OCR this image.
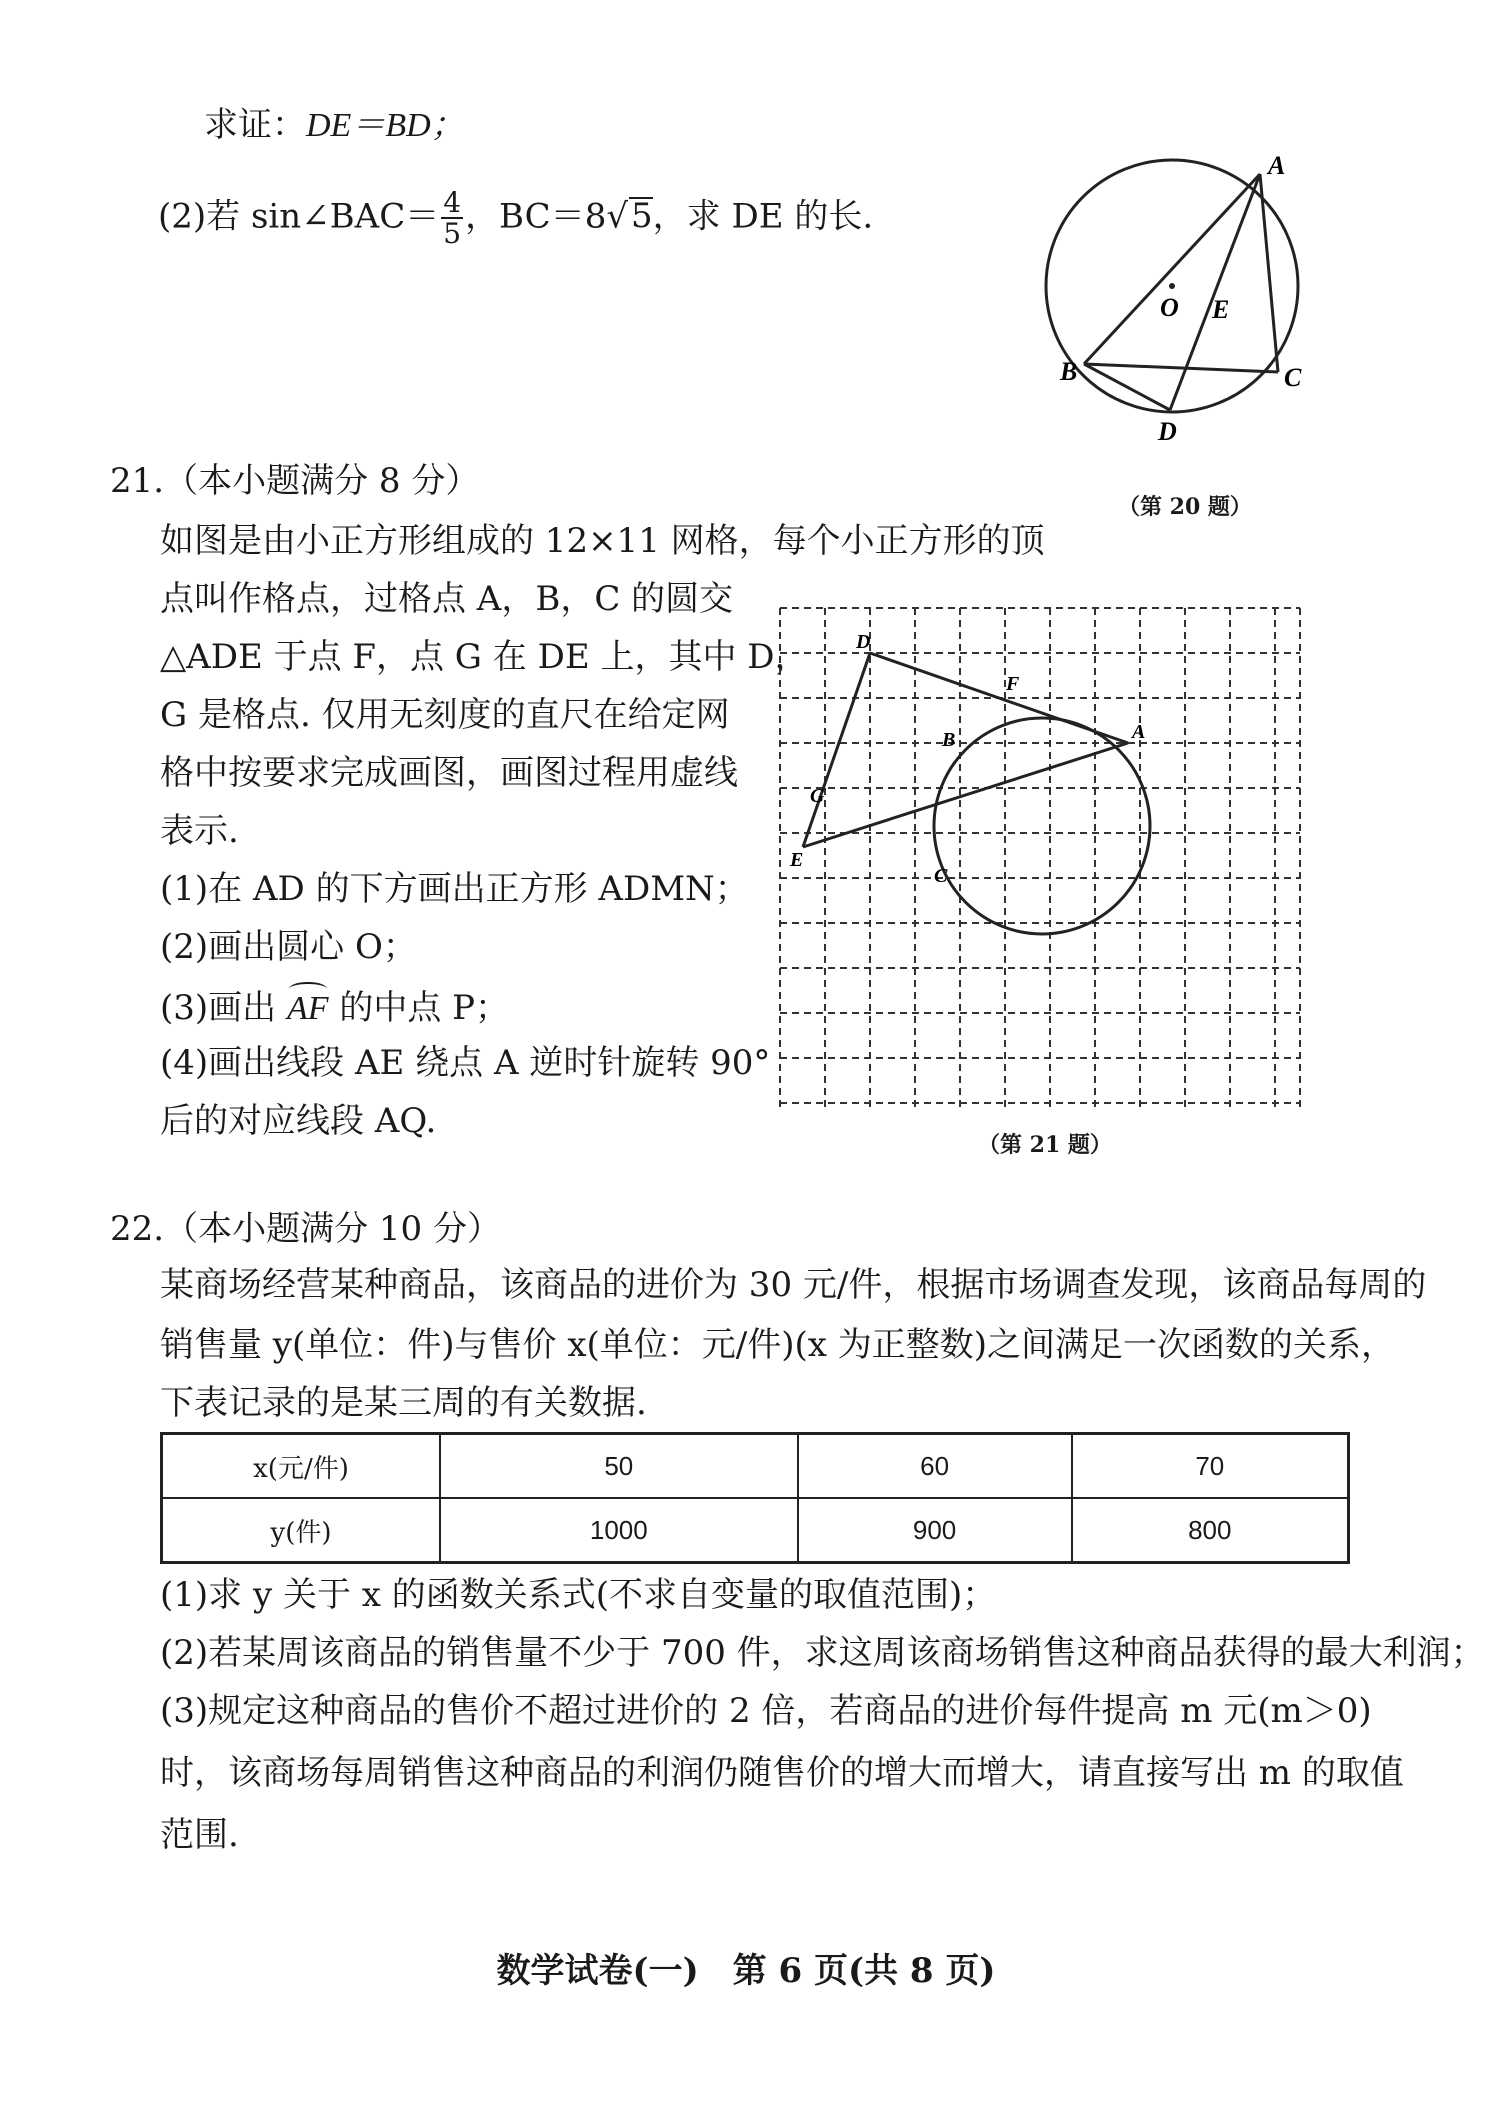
求证：DE＝BD；
(2)若 sin∠BAC＝ $\frac{4}{5}$ ，BC＝8√5，求 DE 的长.
A
B	C
D
E
O
（第 20 题）
21.（本小题满分 8 分）
如图是由小正方形组成的 12×11 网格，每个小正方形的顶
点叫作格点，过格点 A，B，C 的圆交
△ADE 于点 F，点 G 在 DE 上，其中 D，
G 是格点. 仅用无刻度的直尺在给定网
格中按要求完成画图，画图过程用虚线
表示.
(1)在 AD 的下方画出正方形 ADMN；
(2)画出圆心 O；
(3)画出 AF 的中点 P；
(4)画出线段 AE 绕点 A 逆时针旋转 90°
后的对应线段 AQ.
D
F
B	A
G
E
C
（第 21 题）
22.（本小题满分 10 分）
某商场经营某种商品，该商品的进价为 30 元/件，根据市场调查发现，该商品每周的
销售量 y(单位：件)与售价 x(单位：元/件)(x 为正整数)之间满足一次函数的关系，
下表记录的是某三周的有关数据.
x(元/件)	50	60	70
y(件)	1000	900	800
(1)求 y 关于 x 的函数关系式(不求自变量的取值范围)；
(2)若某周该商品的销售量不少于 700 件，求这周该商场销售这种商品获得的最大利润；
(3)规定这种商品的售价不超过进价的 2 倍，若商品的进价每件提高 m 元(m＞0)
时，该商场每周销售这种商品的利润仍随售价的增大而增大，请直接写出 m 的取值
范围.
数学试卷(一)　第 6 页(共 8 页)
